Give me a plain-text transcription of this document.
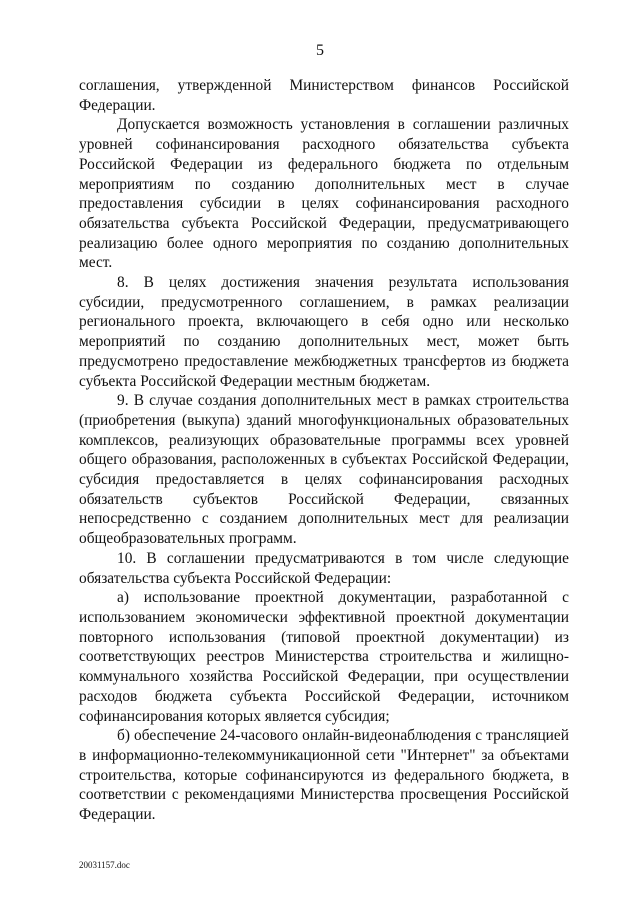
5

соглашения, утвержденной Министерством финансов Российской Федерации.

Допускается возможность установления в соглашении различных уровней софинансирования расходного обязательства субъекта Российской Федерации из федерального бюджета по отдельным мероприятиям по созданию дополнительных мест в случае предоставления субсидии в целях софинансирования расходного обязательства субъекта Российской Федерации, предусматривающего реализацию более одного мероприятия по созданию дополнительных мест.

8. В целях достижения значения результата использования субсидии, предусмотренного соглашением, в рамках реализации регионального проекта, включающего в себя одно или несколько мероприятий по созданию дополнительных мест, может быть предусмотрено предоставление межбюджетных трансфертов из бюджета субъекта Российской Федерации местным бюджетам.

9. В случае создания дополнительных мест в рамках строительства (приобретения (выкупа) зданий многофункциональных образовательных комплексов, реализующих образовательные программы всех уровней общего образования, расположенных в субъектах Российской Федерации, субсидия предоставляется в целях софинансирования расходных обязательств субъектов Российской Федерации, связанных непосредственно с созданием дополнительных мест для реализации общеобразовательных программ.

10. В соглашении предусматриваются в том числе следующие обязательства субъекта Российской Федерации:

а) использование проектной документации, разработанной с использованием экономически эффективной проектной документации повторного использования (типовой проектной документации) из соответствующих реестров Министерства строительства и жилищно-коммунального хозяйства Российской Федерации, при осуществлении расходов бюджета субъекта Российской Федерации, источником софинансирования которых является субсидия;

б) обеспечение 24-часового онлайн-видеонаблюдения с трансляцией в информационно-телекоммуникационной сети "Интернет" за объектами строительства, которые софинансируются из федерального бюджета, в соответствии с рекомендациями Министерства просвещения Российской Федерации.

20031157.doc
